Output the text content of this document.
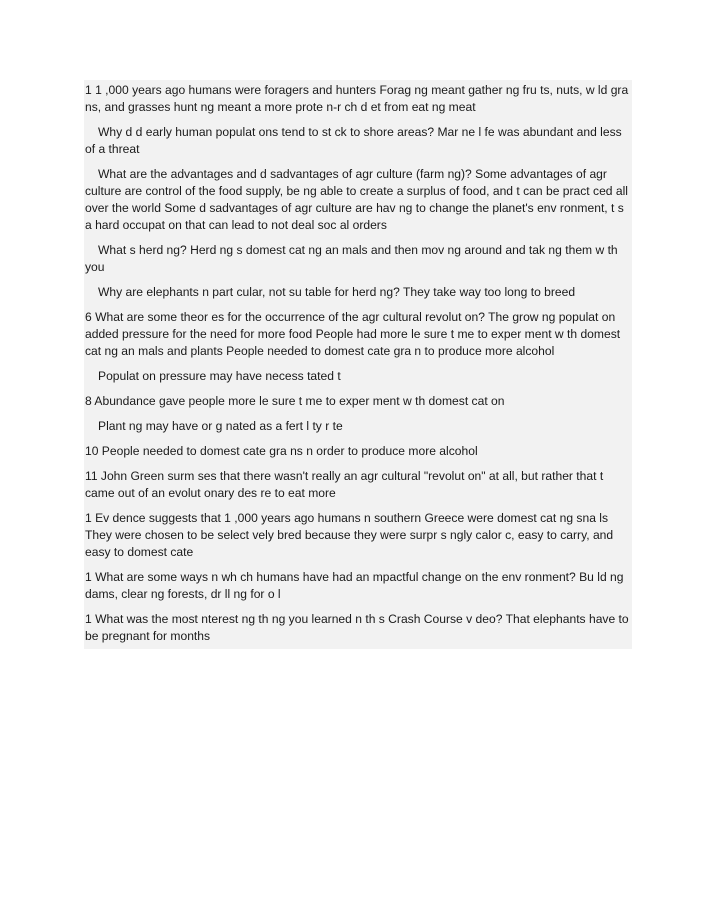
1 1 ,000 years ago humans were foragers and hunters Forag ng meant gather ng fru ts, nuts, w ld gra ns, and grasses hunt ng meant a more prote n-r ch d et from eat ng meat

Why d d early human populat ons tend to st ck to shore areas? Mar ne l fe was abundant and less of a threat

What are the advantages and d sadvantages of agr culture (farm ng)? Some advantages of agr culture are control of the food supply, be ng able to create a surplus of food, and t can be pract ced all over the world Some d sadvantages of agr culture are hav ng to change the planet's env ronment, t s a hard occupat on that can lead to not deal soc al orders

What s herd ng? Herd ng s domest cat ng an mals and then mov ng around and tak ng them w th you

Why are elephants n part cular, not su table for herd ng? They take way too long to breed

6 What are some theor es for the occurrence of the agr cultural revolut on? The grow ng populat on added pressure for the need for more food People had more le sure t me to exper ment w th domest cat ng an mals and plants People needed to domest cate gra n to produce more alcohol

Populat on pressure may have necess tated t

8 Abundance gave people more le sure t me to exper ment w th domest cat on

Plant ng may have or g nated as a fert l ty r te

10 People needed to domest cate gra ns n order to produce more alcohol

11 John Green surm ses that there wasn't really an agr cultural "revolut on" at all, but rather that t came out of an evolut onary des re to eat more

1 Ev dence suggests that 1 ,000 years ago humans n southern Greece were domest cat ng sna ls They were chosen to be select vely bred because they were surpr s ngly calor c, easy to carry, and easy to domest cate

1 What are some ways n wh ch humans have had an mpactful change on the env ronment? Bu ld ng dams, clear ng forests, dr ll ng for o l

1 What was the most nterest ng th ng you learned n th s Crash Course v deo? That elephants have to be pregnant for months
